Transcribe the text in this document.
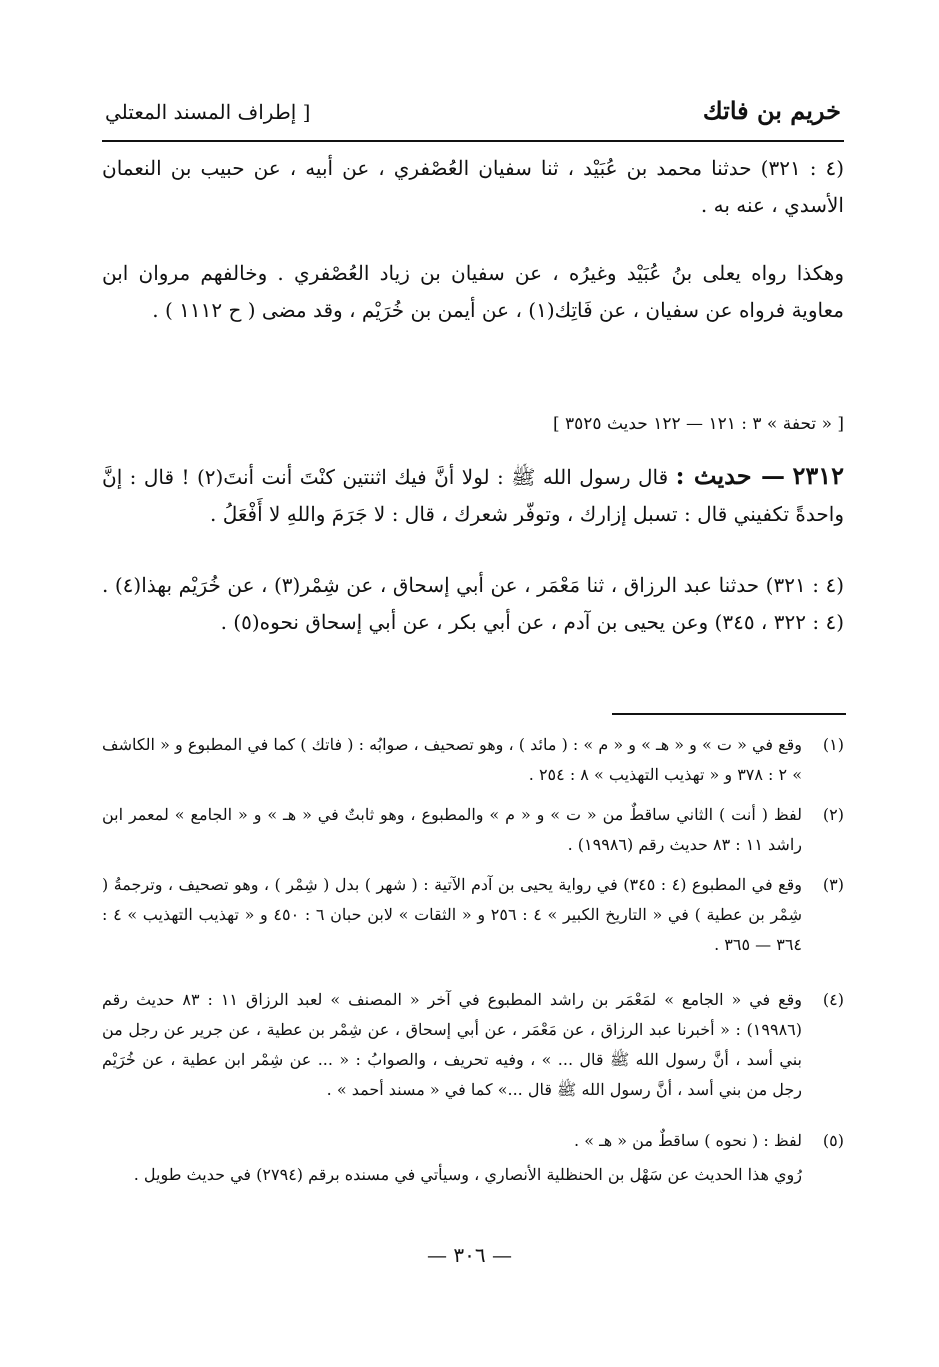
خريم بن فاتك
[ إطراف المسند المعتلي
(٤ : ٣٢١) حدثنا محمد بن عُبَيْد ، ثنا سفيان العُصْفري ، عن أبيه ، عن حبيب بن النعمان الأسدي ، عنه به .
وهكذا رواه يعلى بنُ عُبَيْد وغيرُه ، عن سفيان بن زياد العُصْفري . وخالفهم مروان ابن معاوية فرواه عن سفيان ، عن فَاتِك(١) ، عن أيمن بن خُرَيْم ، وقد مضى ( ح ١١١٢ ) .
[ « تحفة » ٣ : ١٢١ — ١٢٢ حديث ٣٥٢٥ ]
٢٣١٢ — حديث : قال رسول الله ﷺ : لولا أنَّ فيك اثنتين كنْتَ أنت أنتَ(٢) ! قال : إنَّ واحدةً تكفيني قال : تسبل إزارك ، وتوفّر شعرك ، قال : لا جَرَمَ واللهِ لا أَفْعَلُ .
(٤ : ٣٢١) حدثنا عبد الرزاق ، ثنا مَعْمَر ، عن أبي إسحاق ، عن شِمْر(٣) ، عن خُرَيْم بهذا(٤) . (٤ : ٣٢٢ ، ٣٤٥) وعن يحيى بن آدم ، عن أبي بكر ، عن أبي إسحاق نحوه(٥) .
(١)
وقع في « ت » و « هـ » و « م » : ( مائد ) ، وهو تصحيف ، صوابُه : ( فاتك ) كما في المطبوع و « الكاشف » ٢ : ٣٧٨ و « تهذيب التهذيب » ٨ : ٢٥٤ .
(٢)
لفظ ( أنت ) الثاني ساقطٌ من « ت » و « م » والمطبوع ، وهو ثابتٌ في « هـ » و « الجامع » لمعمر ابن راشد ١١ : ٨٣ حديث رقم (١٩٩٨٦) .
(٣)
وقع في المطبوع (٤ : ٣٤٥) في رواية يحيى بن آدم الآتية : ( شهر ) بدل ( شِمْر ) ، وهو تصحيف ، وترجمةُ ( شِمْر بن عطية ) في « التاريخ الكبير » ٤ : ٢٥٦ و « الثقات » لابن حبان ٦ : ٤٥٠ و « تهذيب التهذيب » ٤ : ٣٦٤ — ٣٦٥ .
(٤)
وقع في « الجامع » لمَعْمَر بن راشد المطبوع في آخر « المصنف » لعبد الرزاق ١١ : ٨٣ حديث رقم (١٩٩٨٦) : « أخبرنا عبد الرزاق ، عن مَعْمَر ، عن أبي إسحاق ، عن شِمْر بن عطية ، عن جرير عن رجل من بني أسد ، أنَّ رسول الله ﷺ قال ... » ، وفيه تحريف ، والصوابُ : « ... عن شِمْر ابن عطية ، عن خُرَيْم رجل من بني أسد ، أنَّ رسول الله ﷺ قال ...» كما في « مسند أحمد » .
(٥)
لفظ : ( نحوه ) ساقطٌ من « هـ » .
رُوي هذا الحديث عن سَهْل بن الحنظلية الأنصاري ، وسيأتي في مسنده برقم (٢٧٩٤) في حديث طويل .
— ٣٠٦ —
